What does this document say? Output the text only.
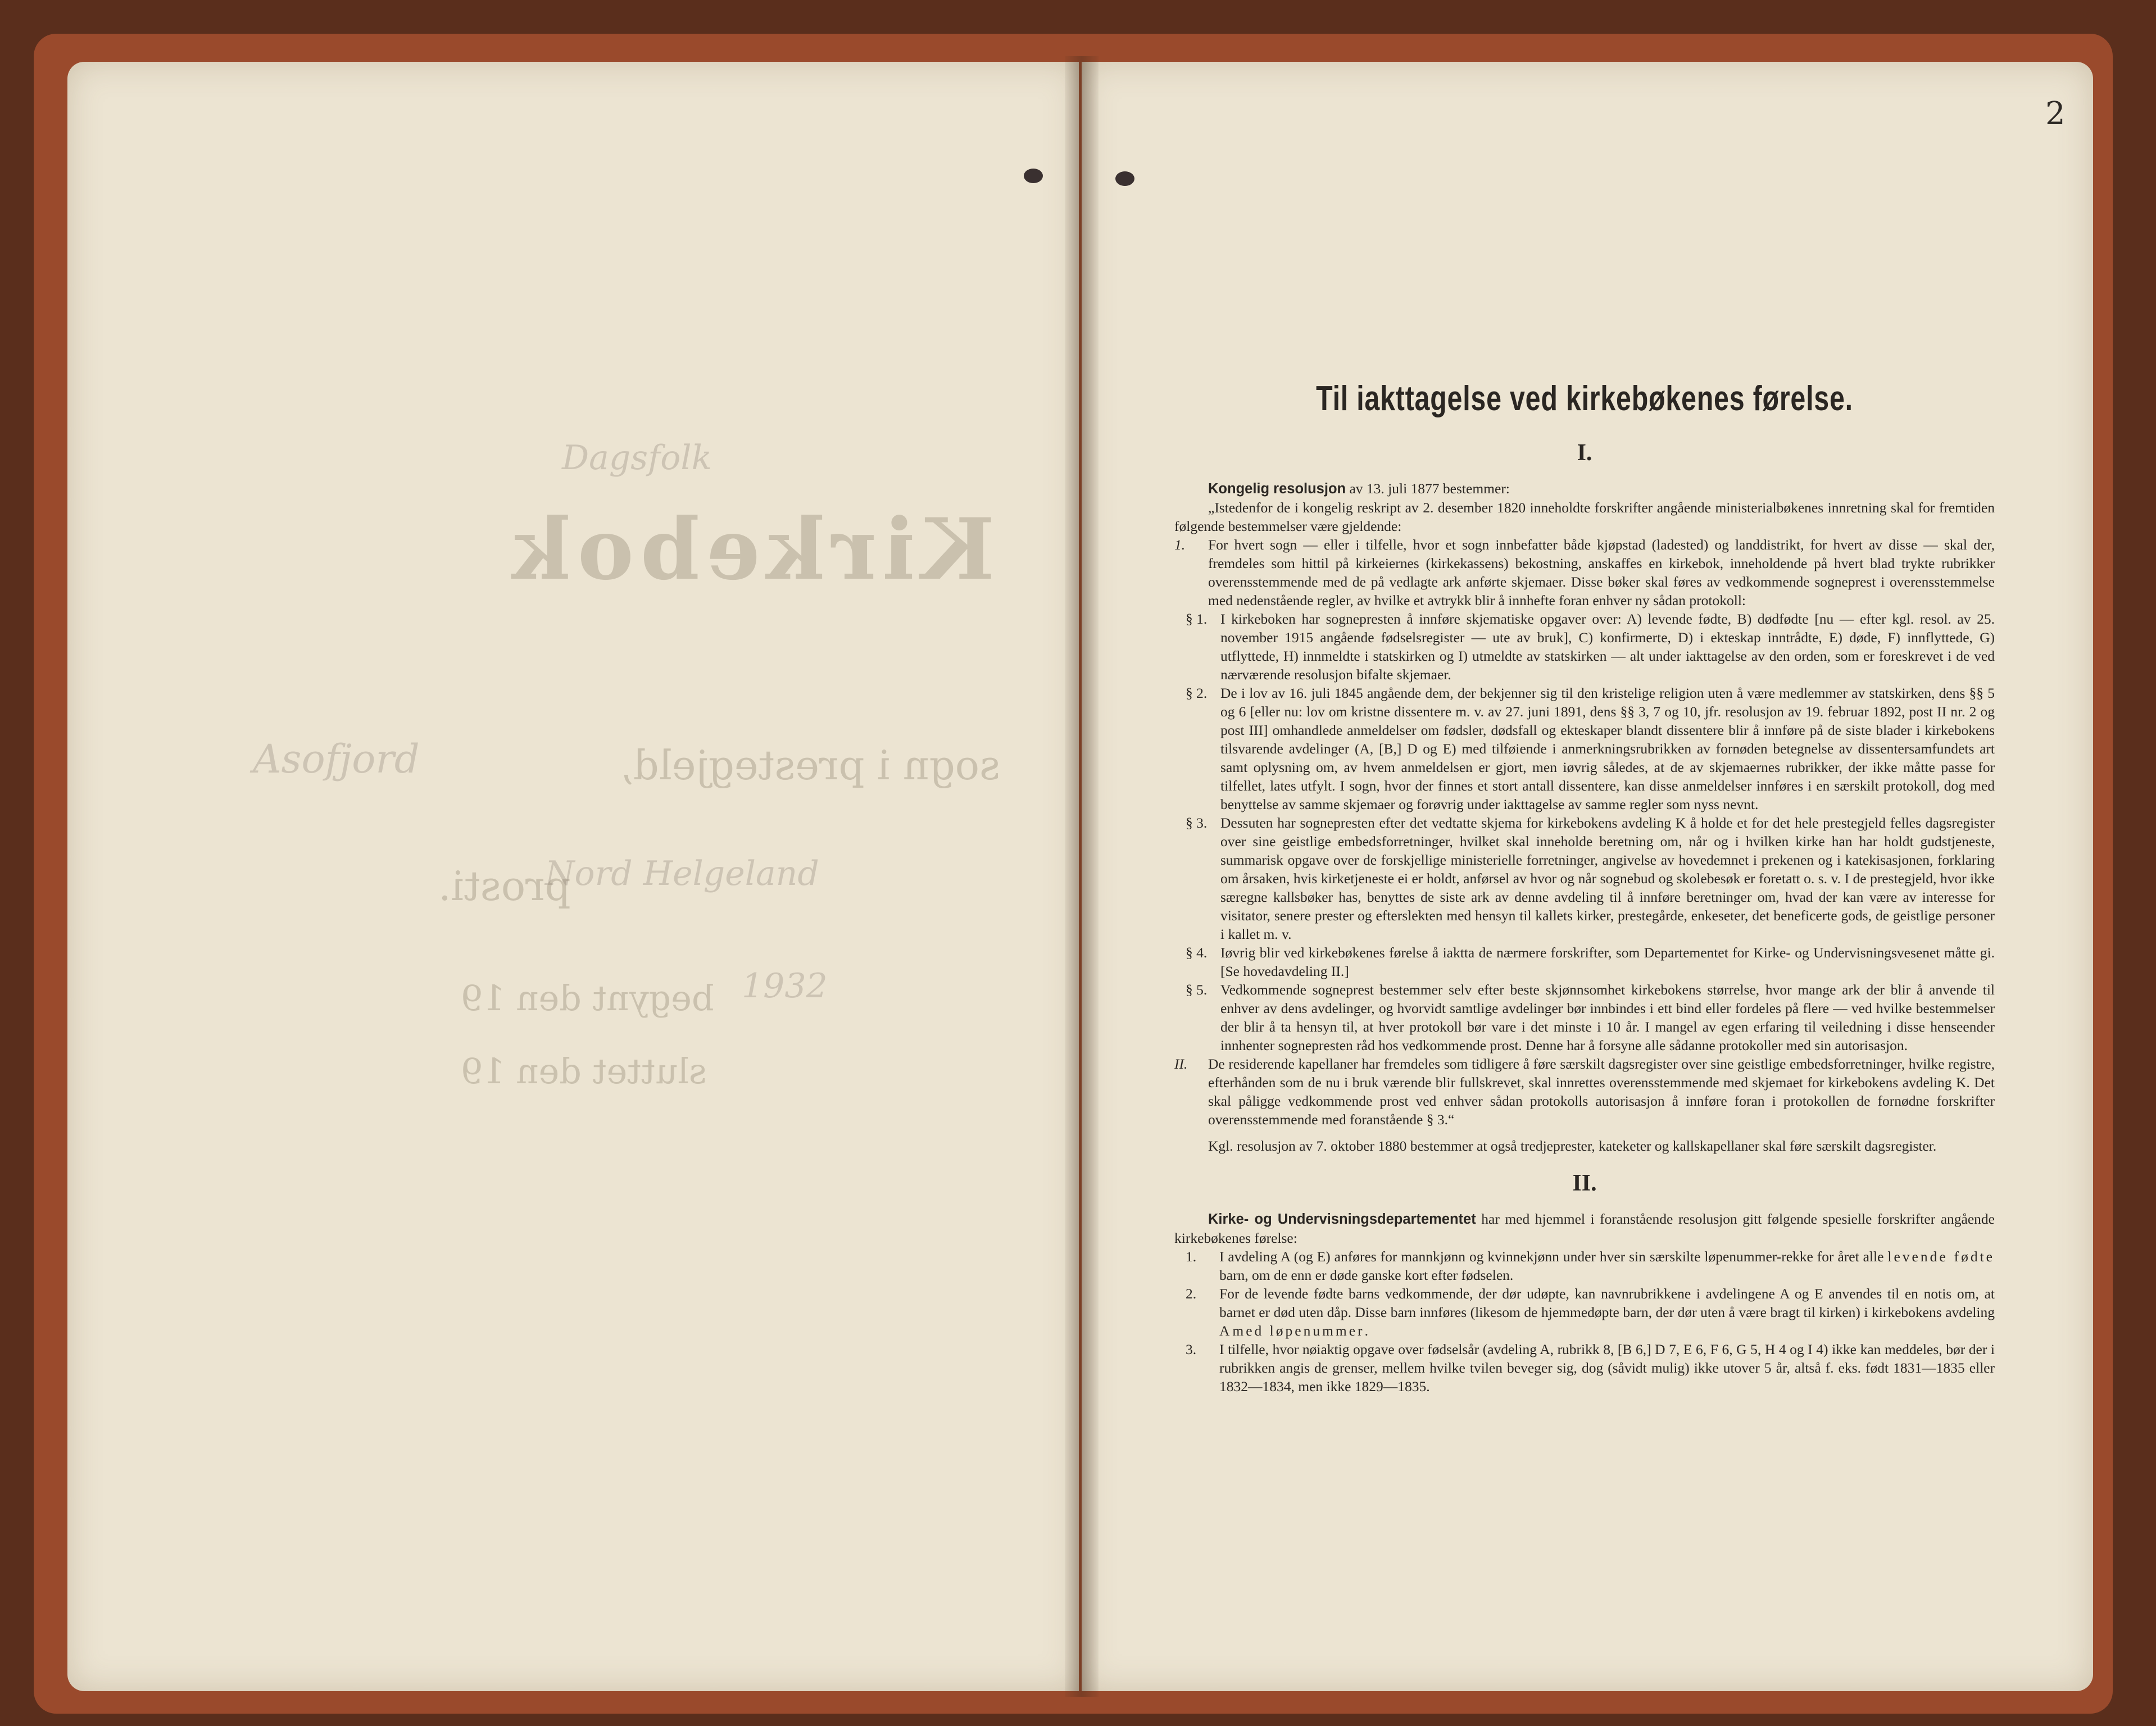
Dagsfolk
Kirkebok
Asofjord	sogn i prestegjeld,
Nord Helgeland
prosti.
1932
begynt den 19
sluttet den 19
2
Til iakttagelse ved kirkebøkenes førelse.
I.

Kongelig resolusjon av 13. juli 1877 bestemmer:

„Istedenfor de i kongelig reskript av 2. desember 1820 inneholdte forskrifter angående ministerialbøkenes innretning skal for fremtiden følgende bestemmelser være gjeldende:

1.	For hvert sogn — eller i tilfelle, hvor et sogn innbefatter både kjøpstad (ladested) og landdistrikt, for hvert av disse — skal der, fremdeles som hittil på kirkeiernes (kirkekassens) bekostning, anskaffes en kirkebok, inneholdende på hvert blad trykte rubrikker overensstemmende med de på vedlagte ark anførte skjemaer. Disse bøker skal føres av vedkommende sogneprest i overensstemmelse med nedenstående regler, av hvilke et avtrykk blir å innhefte foran enhver ny sådan protokoll:
§ 1. I kirkeboken har sognepresten å innføre skjematiske opgaver over: A) levende fødte, B) dødfødte [nu — efter kgl. resol. av 25. november 1915 angående fødselsregister — ute av bruk], C) konfirmerte, D) i ekteskap inntrådte, E) døde, F) innflyttede, G) utflyttede, H) innmeldte i statskirken og I) utmeldte av statskirken — alt under iakttagelse av den orden, som er foreskrevet i de ved nærværende resolusjon bifalte skjemaer.
§ 2. De i lov av 16. juli 1845 angående dem, der bekjenner sig til den kristelige religion uten å være medlemmer av statskirken, dens §§ 5 og 6 [eller nu: lov om kristne dissentere m. v. av 27. juni 1891, dens §§ 3, 7 og 10, jfr. resolusjon av 19. februar 1892, post II nr. 2 og post III] omhandlede anmeldelser om fødsler, dødsfall og ekteskaper blandt dissentere blir å innføre på de siste blader i kirkebokens tilsvarende avdelinger (A, [B,] D og E) med tilføiende i anmerkningsrubrikken av fornøden betegnelse av dissentersamfundets art samt oplysning om, av hvem anmeldelsen er gjort, men iøvrig således, at de av skjemaernes rubrikker, der ikke måtte passe for tilfellet, lates utfylt. I sogn, hvor der finnes et stort antall dissentere, kan disse anmeldelser innføres i en særskilt protokoll, dog med benyttelse av samme skjemaer og forøvrig under iakttagelse av samme regler som nyss nevnt.
§ 3. Dessuten har sognepresten efter det vedtatte skjema for kirkebokens avdeling K å holde et for det hele prestegjeld felles dagsregister over sine geistlige embedsforretninger, hvilket skal inneholde beretning om, når og i hvilken kirke han har holdt gudstjeneste, summarisk opgave over de forskjellige ministerielle forretninger, angivelse av hovedemnet i prekenen og i katekisasjonen, forklaring om årsaken, hvis kirketjeneste ei er holdt, anførsel av hvor og når sognebud og skolebesøk er foretatt o. s. v. I de prestegjeld, hvor ikke særegne kallsbøker has, benyttes de siste ark av denne avdeling til å innføre beretninger om, hvad der kan være av interesse for visitator, senere prester og efterslekten med hensyn til kallets kirker, prestegårde, enkeseter, det beneficerte gods, de geistlige personer i kallet m. v.
§ 4. Iøvrig blir ved kirkebøkenes førelse å iaktta de nærmere forskrifter, som Departementet for Kirke- og Undervisningsvesenet måtte gi. [Se hovedavdeling II.]
§ 5. Vedkommende sogneprest bestemmer selv efter beste skjønnsomhet kirkebokens størrelse, hvor mange ark der blir å anvende til enhver av dens avdelinger, og hvorvidt samtlige avdelinger bør innbindes i ett bind eller fordeles på flere — ved hvilke bestemmelser der blir å ta hensyn til, at hver protokoll bør vare i det minste i 10 år. I mangel av egen erfaring til veiledning i disse henseender innhenter sognepresten råd hos vedkommende prost. Denne har å forsyne alle sådanne protokoller med sin autorisasjon.
II.	De residerende kapellaner har fremdeles som tidligere å føre særskilt dagsregister over sine geistlige embedsforretninger, hvilke registre, efterhånden som de nu i bruk værende blir fullskrevet, skal innrettes overensstemmende med skjemaet for kirkebokens avdeling K. Det skal påligge vedkommende prost ved enhver sådan protokolls autorisasjon å innføre foran i protokollen de fornødne forskrifter overensstemmende med foranstående § 3.“

Kgl. resolusjon av 7. oktober 1880 bestemmer at også tredjeprester, kateketer og kallskapellaner skal føre særskilt dagsregister.

II.

Kirke- og Undervisningsdepartementet har med hjemmel i foranstående resolusjon gitt følgende spesielle forskrifter angående kirkebøkenes førelse:

1.	I avdeling A (og E) anføres for mannkjønn og kvinnekjønn under hver sin særskilte løpenummer-rekke for året alle levende fødte barn, om de enn er døde ganske kort efter fødselen.
2.	For de levende fødte barns vedkommende, der dør udøpte, kan navnrubrikkene i avdelingene A og E anvendes til en notis om, at barnet er død uten dåp. Disse barn innføres (likesom de hjemmedøpte barn, der dør uten å være bragt til kirken) i kirkebokens avdeling A med løpenummer.
3.	I tilfelle, hvor nøiaktig opgave over fødselsår (avdeling A, rubrikk 8, [B 6,] D 7, E 6, F 6, G 5, H 4 og I 4) ikke kan meddeles, bør der i rubrikken angis de grenser, mellem hvilke tvilen beveger sig, dog (såvidt mulig) ikke utover 5 år, altså f. eks. født 1831—1835 eller 1832—1834, men ikke 1829—1835.
